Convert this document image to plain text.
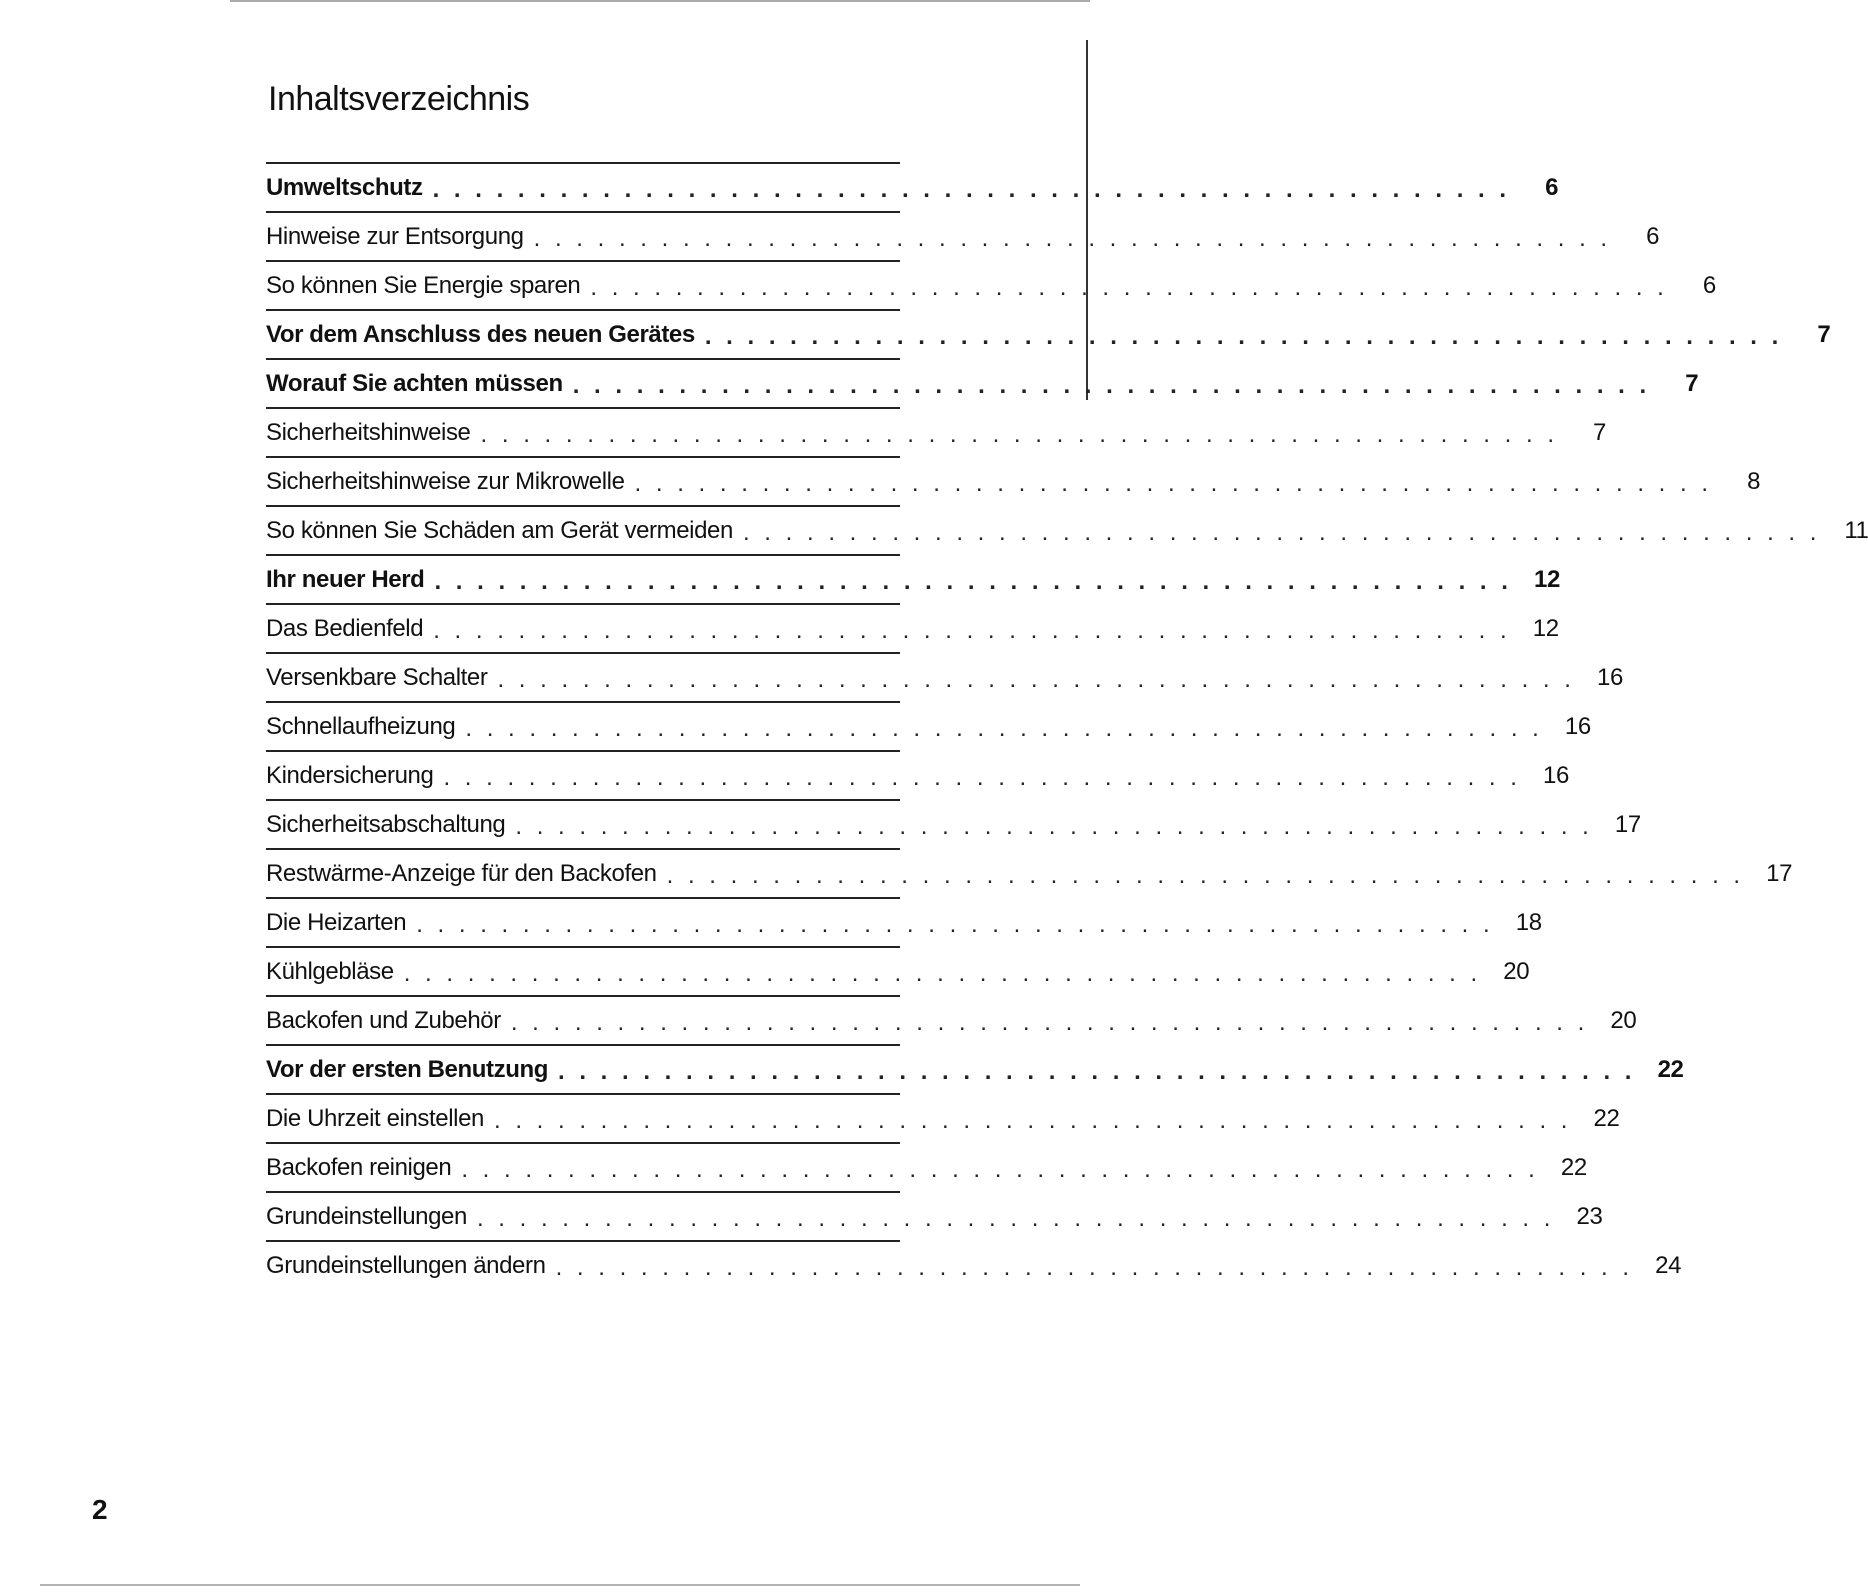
Inhaltsverzeichnis
Umweltschutz . . . . . . . . . . . . . . . . . . . . . . . . . . . . . . . . . . . . . . . . . . . . . . . . . . .	6
Hinweise zur Entsorgung . . . . . . . . . . . . . . . . . . . . . . . . . . . . . . . . . . . . . . . . . . . . . . . . . . .	6
So können Sie Energie sparen . . . . . . . . . . . . . . . . . . . . . . . . . . . . . . . . . . . . . . . . . . . . . . . . . . .	6
Vor dem Anschluss des neuen Gerätes . . . . . . . . . . . . . . . . . . . . . . . . . . . . . . . . . . . . . . . . . . . . . . . . . . .	7
Worauf Sie achten müssen . . . . . . . . . . . . . . . . . . . . . . . . . . . . . . . . . . . . . . . . . . . . . . . . . . .	7
Sicherheitshinweise . . . . . . . . . . . . . . . . . . . . . . . . . . . . . . . . . . . . . . . . . . . . . . . . . . .	7
Sicherheitshinweise zur Mikrowelle . . . . . . . . . . . . . . . . . . . . . . . . . . . . . . . . . . . . . . . . . . . . . . . . . . .	8
So können Sie Schäden am Gerät vermeiden . . . . . . . . . . . . . . . . . . . . . . . . . . . . . . . . . . . . . . . . . . . . . . . . . . . 11
Ihr neuer Herd . . . . . . . . . . . . . . . . . . . . . . . . . . . . . . . . . . . . . . . . . . . . . . . . . . . 12
Das Bedienfeld . . . . . . . . . . . . . . . . . . . . . . . . . . . . . . . . . . . . . . . . . . . . . . . . . . . 12
Versenkbare Schalter . . . . . . . . . . . . . . . . . . . . . . . . . . . . . . . . . . . . . . . . . . . . . . . . . . . 16
Schnellaufheizung . . . . . . . . . . . . . . . . . . . . . . . . . . . . . . . . . . . . . . . . . . . . . . . . . . . 16
Kindersicherung . . . . . . . . . . . . . . . . . . . . . . . . . . . . . . . . . . . . . . . . . . . . . . . . . . . 16
Sicherheitsabschaltung . . . . . . . . . . . . . . . . . . . . . . . . . . . . . . . . . . . . . . . . . . . . . . . . . . . 17
Restwärme-Anzeige für den Backofen . . . . . . . . . . . . . . . . . . . . . . . . . . . . . . . . . . . . . . . . . . . . . . . . . . . 17
Die Heizarten . . . . . . . . . . . . . . . . . . . . . . . . . . . . . . . . . . . . . . . . . . . . . . . . . . . 18
Kühlgebläse . . . . . . . . . . . . . . . . . . . . . . . . . . . . . . . . . . . . . . . . . . . . . . . . . . . 20
Backofen und Zubehör . . . . . . . . . . . . . . . . . . . . . . . . . . . . . . . . . . . . . . . . . . . . . . . . . . . 20
Vor der ersten Benutzung . . . . . . . . . . . . . . . . . . . . . . . . . . . . . . . . . . . . . . . . . . . . . . . . . . . 22
Die Uhrzeit einstellen . . . . . . . . . . . . . . . . . . . . . . . . . . . . . . . . . . . . . . . . . . . . . . . . . . . 22
Backofen reinigen . . . . . . . . . . . . . . . . . . . . . . . . . . . . . . . . . . . . . . . . . . . . . . . . . . . 22
Grundeinstellungen . . . . . . . . . . . . . . . . . . . . . . . . . . . . . . . . . . . . . . . . . . . . . . . . . . . 23
Grundeinstellungen ändern . . . . . . . . . . . . . . . . . . . . . . . . . . . . . . . . . . . . . . . . . . . . . . . . . . . 24
2
